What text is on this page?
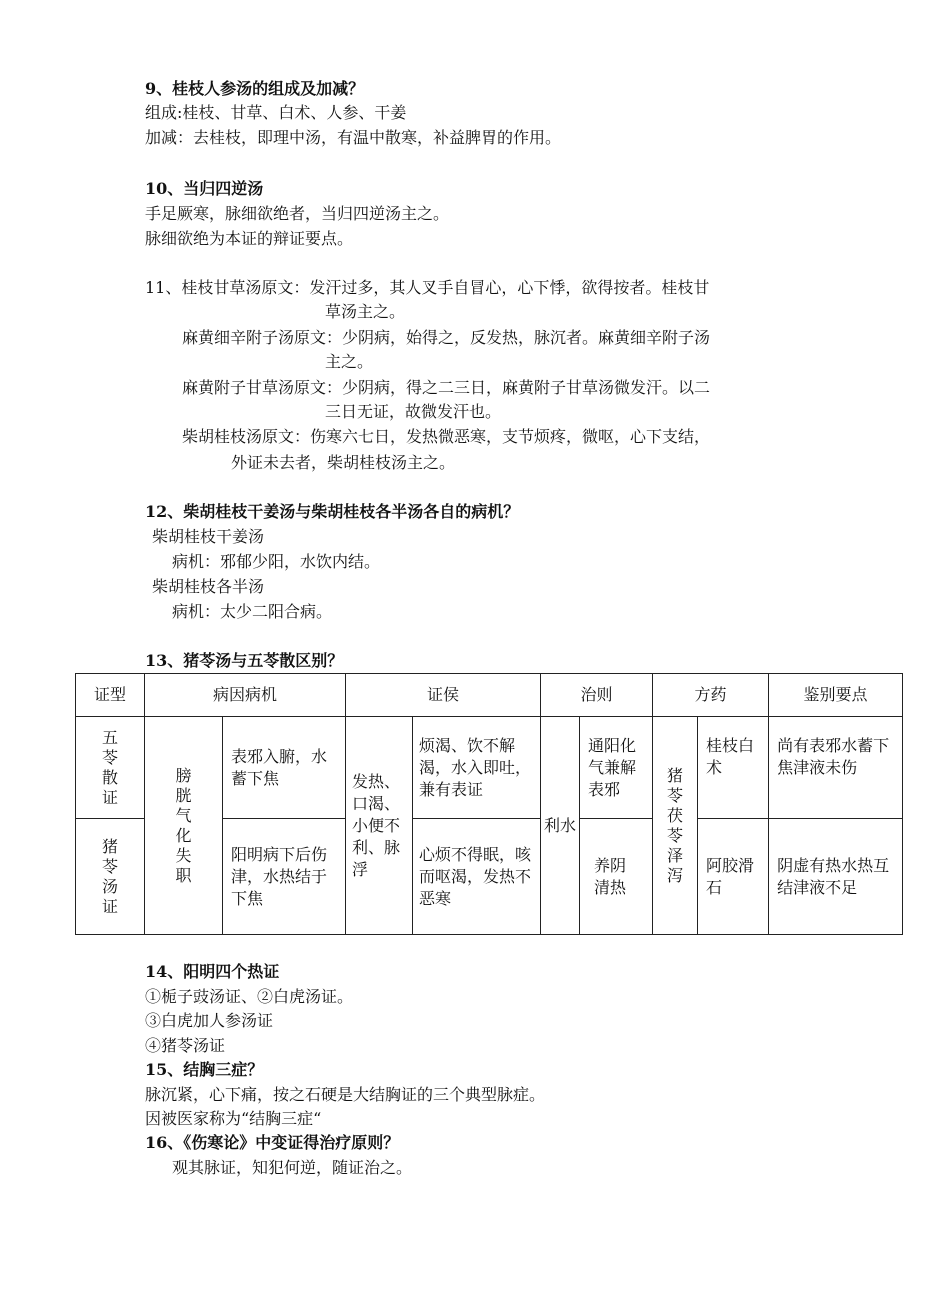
9、桂枝人参汤的组成及加减？
组成:桂枝、甘草、白术、人参、干姜
加减：去桂枝，即理中汤，有温中散寒，补益脾胃的作用。
10、当归四逆汤
手足厥寒，脉细欲绝者，当归四逆汤主之。
脉细欲绝为本证的辩证要点。
11、桂枝甘草汤原文：发汗过多，其人叉手自冒心，心下悸，欲得按者。桂枝甘
草汤主之。
麻黄细辛附子汤原文：少阴病，始得之，反发热，脉沉者。麻黄细辛附子汤
主之。
麻黄附子甘草汤原文：少阴病，得之二三日，麻黄附子甘草汤微发汗。以二
三日无证，故微发汗也。
柴胡桂枝汤原文：伤寒六七日，发热微恶寒，支节烦疼，微呕，心下支结，
外证未去者，柴胡桂枝汤主之。
12、柴胡桂枝干姜汤与柴胡桂枝各半汤各自的病机？
柴胡桂枝干姜汤
病机：邪郁少阳，水饮内结。
柴胡桂枝各半汤
病机：太少二阳合病。
13、猪苓汤与五苓散区别？
证型	病因病机		证侯		治则		方药		鉴别要点
五苓散证	膀胱气化失职	表邪入腑，水蓄下焦	发热、口渴、小便不利、脉浮	烦渴、饮不解渴，水入即吐，兼有表证	利水	通阳化气兼解表邪	猪苓茯苓泽泻	桂枝白术	尚有表邪水蓄下焦津液未伤
猪苓汤证		阳明病下后伤津，水热结于下焦		心烦不得眠，咳而呕渴，发热不恶寒		养阴清热		阿胶滑石	阴虚有热水热互结津液不足
14、阳明四个热证
①栀子豉汤证、②白虎汤证。
③白虎加人参汤证
④猪苓汤证
15、结胸三症？
脉沉紧，心下痛，按之石硬是大结胸证的三个典型脉症。
因被医家称为“结胸三症“
16、《伤寒论》中变证得治疗原则？
观其脉证，知犯何逆，随证治之。
